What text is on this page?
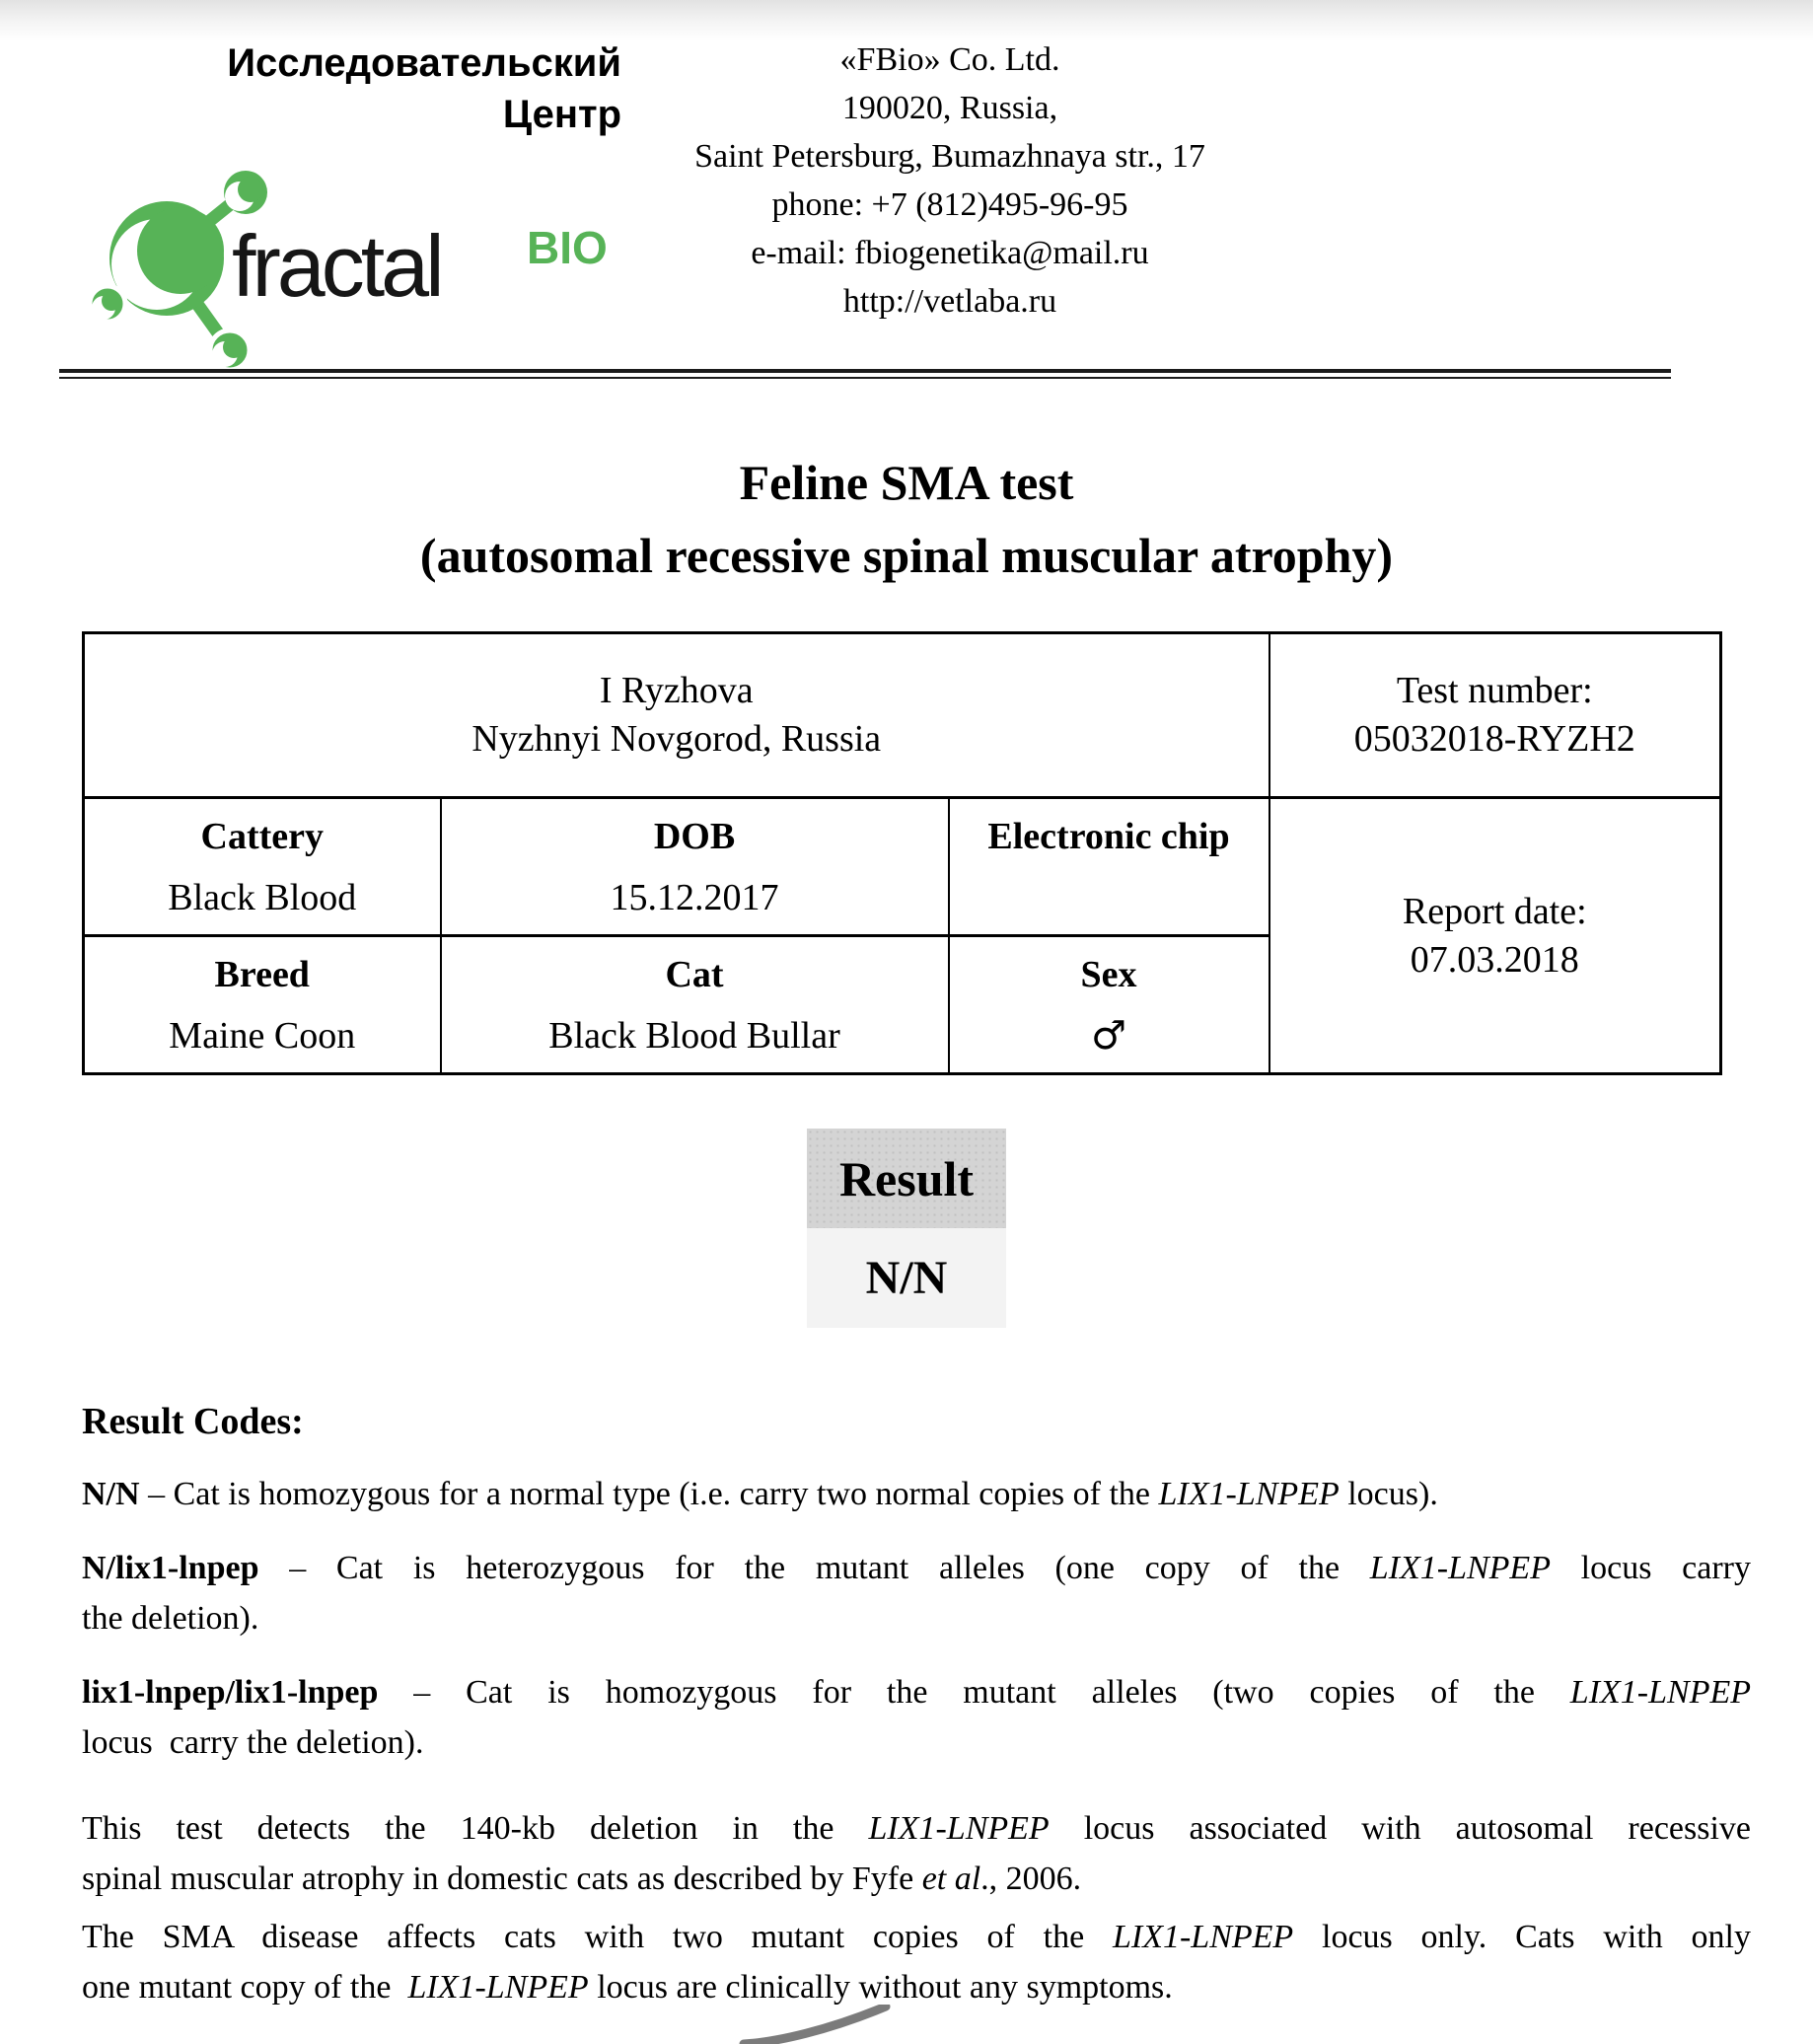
Исследовательский
Центр
«FBio» Co. Ltd.
190020, Russia,
Saint Petersburg, Bumazhnaya str., 17
phone: +7 (812)495-96-95
e-mail: fbiogenetika@mail.ru
http://vetlaba.ru
fractal BIO
Feline SMA test
(autosomal recessive spinal muscular atrophy)
I Ryzhova
Nyzhnyi Novgorod, Russia

Test number:
05032018-RYZH2

Cattery
Black Blood

DOB
15.12.2017

Electronic chip

Report date:
07.03.2018

Breed
Maine Coon

Cat
Black Blood Bullar

Sex
♂
Result
N/N
Result Codes:
N/N – Cat is homozygous for a normal type (i.e. carry two normal copies of the LIX1-LNPEP locus).
N/lix1-lnpep – Cat is heterozygous for the mutant alleles (one copy of the LIX1-LNPEP locus carry
the deletion).
lix1-lnpep/lix1-lnpep – Cat is homozygous for the mutant alleles (two copies of the LIX1-LNPEP
locus  carry the deletion).
This test detects the 140-kb deletion in the LIX1-LNPEP locus associated with autosomal recessive
spinal muscular atrophy in domestic cats as described by Fyfe et al., 2006.
The SMA disease affects cats with two mutant copies of the LIX1-LNPEP locus only. Cats with only
one mutant copy of the  LIX1-LNPEP locus are clinically without any symptoms.
